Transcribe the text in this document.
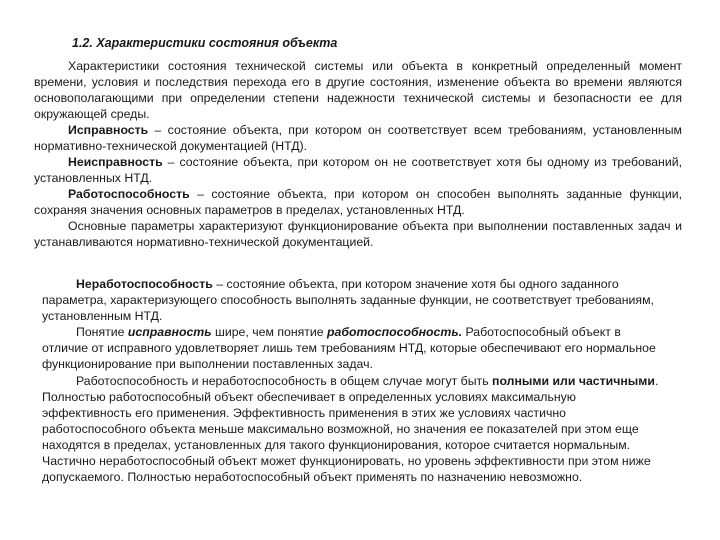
1.2. Характеристики состояния объекта

Характеристики состояния технической системы или объекта в конкретный определенный момент времени, условия и последствия перехода его в другие состояния, изменение объекта во времени являются основополагающими при определении степени надежности технической системы и безопасности ее для окружающей среды.

Исправность – состояние объекта, при котором он соответствует всем требованиям, установленным нормативно-технической документацией (НТД).

Неисправность – состояние объекта, при котором он не соответствует хотя бы одному из требований, установленных НТД.

Работоспособность – состояние объекта, при котором он способен выполнять заданные функции, сохраняя значения основных параметров в пределах, установленных НТД.

Основные параметры характеризуют функционирование объекта при выполнении поставленных задач и устанавливаются нормативно-технической документацией.

Неработоспособность – состояние объекта, при котором значение хотя бы одного заданного параметра, характеризующего способность выполнять заданные функции, не соответствует требованиям, установленным НТД.

Понятие исправность шире, чем понятие работоспособность. Работоспособный объект в отличие от исправного удовлетворяет лишь тем требованиям НТД, которые обеспечивают его нормальное функционирование при выполнении поставленных задач.

Работоспособность и неработоспособность в общем случае могут быть полными или частичными. Полностью работоспособный объект обеспечивает в определенных условиях максимальную эффективность его применения. Эффективность применения в этих же условиях частично работоспособного объекта меньше максимально возможной, но значения ее показателей при этом еще находятся в пределах, установленных для такого функционирования, которое считается нормальным. Частично неработоспособный объект может функционировать, но уровень эффективности при этом ниже допускаемого. Полностью неработоспособный объект применять по назначению невозможно.
